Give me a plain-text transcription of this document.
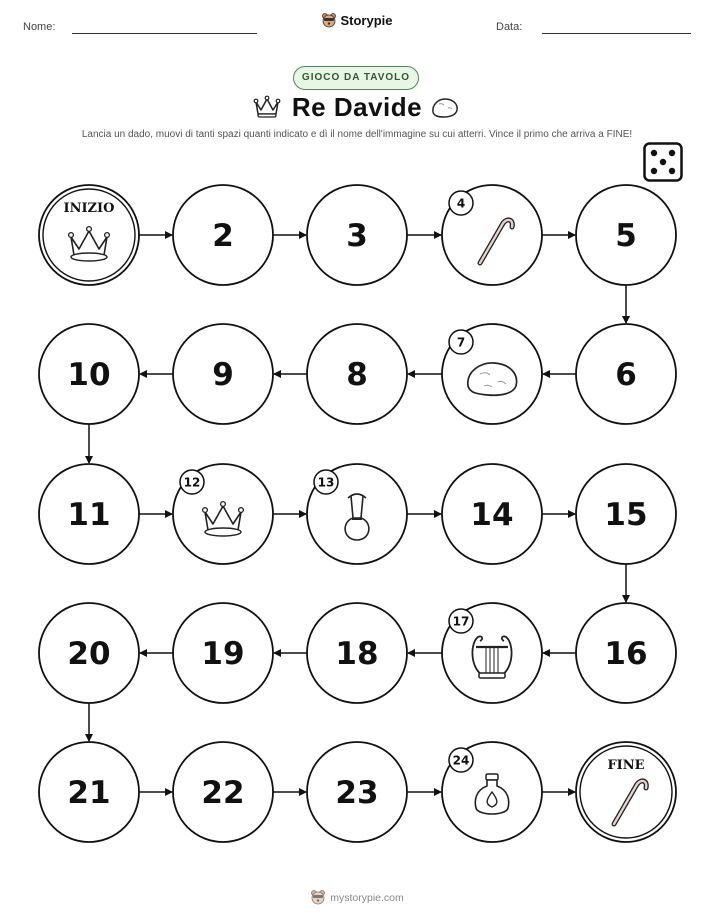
Nome:	Storypie	Data:
GIOCO DA TAVOLO
Re Davide
Lancia un dado, muovi di tanti spazi quanti indicato e dì il nome dell'immagine su cui atterri. Vince il primo che arriva a FINE!
INIZIO
2	3
4
5
6
7
8
9
10
11
12	13
14	15
16
17
18
19
20
21	22	23
24	FINE
mystorypie.com
